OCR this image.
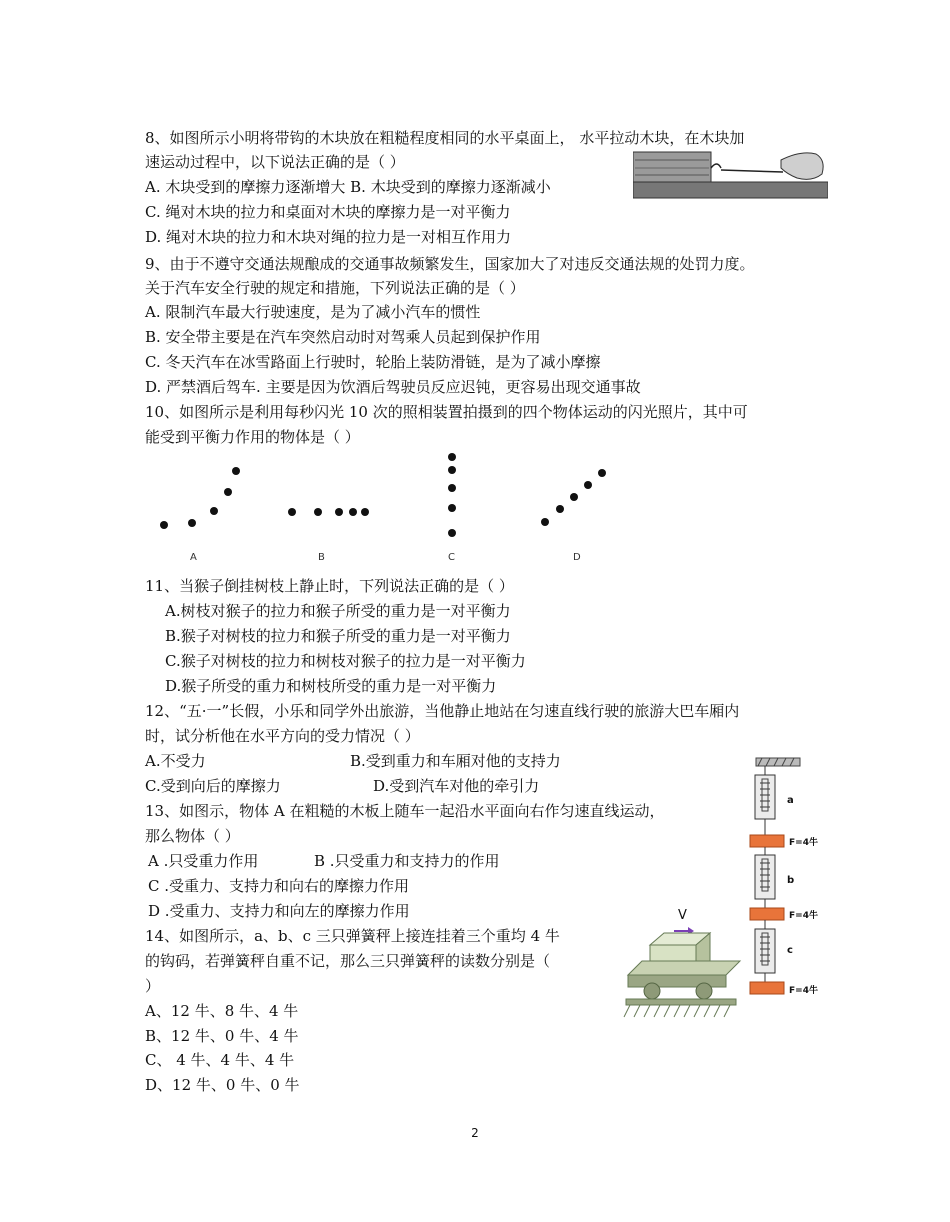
8、如图所示小明将带钩的木块放在粗糙程度相同的水平桌面上， 水平拉动木块，在木块加
速运动过程中，以下说法正确的是（ ）
A. 木块受到的摩擦力逐渐增大 B. 木块受到的摩擦力逐渐减小
C. 绳对木块的拉力和桌面对木块的摩擦力是一对平衡力
D. 绳对木块的拉力和木块对绳的拉力是一对相互作用力
9、由于不遵守交通法规酿成的交通事故频繁发生，国家加大了对违反交通法规的处罚力度。
关于汽车安全行驶的规定和措施，下列说法正确的是（ ）
A. 限制汽车最大行驶速度，是为了减小汽车的惯性
B. 安全带主要是在汽车突然启动时对驾乘人员起到保护作用
C. 冬天汽车在冰雪路面上行驶时，轮胎上装防滑链，是为了减小摩擦
D. 严禁酒后驾车. 主要是因为饮酒后驾驶员反应迟钝，更容易出现交通事故
10、如图所示是利用每秒闪光 10 次的照相装置拍摄到的四个物体运动的闪光照片，其中可
能受到平衡力作用的物体是（ ）
A	B	C	D
11、当猴子倒挂树枝上静止时，下列说法正确的是（ ）
A.树枝对猴子的拉力和猴子所受的重力是一对平衡力
B.猴子对树枝的拉力和猴子所受的重力是一对平衡力
C.猴子对树枝的拉力和树枝对猴子的拉力是一对平衡力
D.猴子所受的重力和树枝所受的重力是一对平衡力
12、“五·一”长假，小乐和同学外出旅游，当他静止地站在匀速直线行驶的旅游大巴车厢内
时，试分析他在水平方向的受力情况（ ）
A.不受力	B.受到重力和车厢对他的支持力
C.受到向后的摩擦力	D.受到汽车对他的牵引力
13、如图示，物体 A 在粗糙的木板上随车一起沿水平面向右作匀速直线运动，
那么物体（ ）
A .只受重力作用	B .只受重力和支持力的作用
C .受重力、支持力和向右的摩擦力作用
D .受重力、支持力和向左的摩擦力作用
14、如图所示，a、b、c 三只弹簧秤上接连挂着三个重均 4 牛
的钩码，若弹簧秤自重不记，那么三只弹簧秤的读数分别是（
）
A、12 牛、8 牛、4 牛
B、12 牛、0 牛、4 牛
C、 4 牛、4 牛、4 牛
D、12 牛、0 牛、0 牛
V
a
F=4牛
b
F=4牛
c
F=4牛
2
